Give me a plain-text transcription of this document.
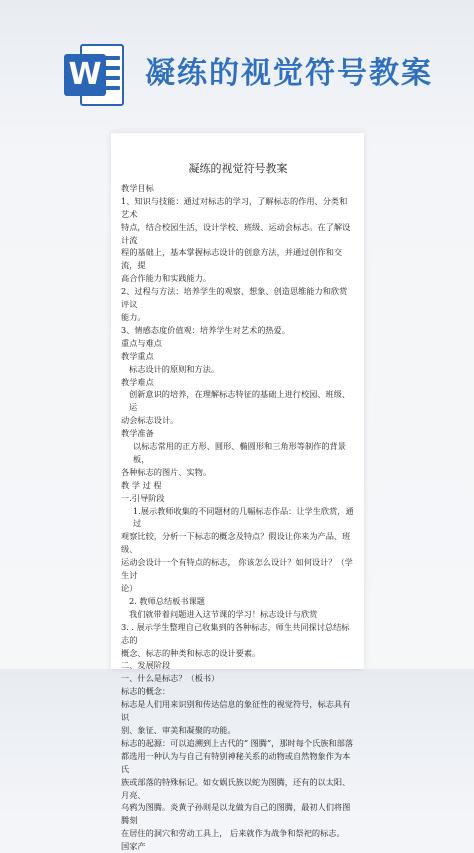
W 凝练的视觉符号教案
凝练的视觉符号教案

教学目标

1、知识与技能：通过对标志的学习，了解标志的作用、分类和艺术

特点，结合校园生活，设计学校、班级、运动会标志。在了解设计流

程的基础上，基本掌握标志设计的创意方法，并通过创作和交流，提

高合作能力和实践能力。

2、过程与方法：培养学生的观察、想象、创造思维能力和欣赏评议

能力。

3、情感态度价值观：培养学生对艺术的热爱。

重点与难点

教学重点

标志设计的原则和方法。

教学难点

创新意识的培养，在理解标志特征的基础上进行校园、班级、运

动会标志设计。

教学准备

以标志常用的正方形、圆形、椭圆形和三角形等制作的背景板，

各种标志的图片、实物。

教 学 过 程

一.引导阶段

1.展示教师收集的不同题材的几幅标志作品：让学生欣赏，通过

观察比较，分析一下标志的概念及特点？假设让你来为产品、班级、

运动会设计一个有特点的标志， 你该怎么设计？如何设计？（学生讨

论）

2. 教师总结板书课题

我们就带着问题进入这节课的学习！标志设计与欣赏

3. . 展示学生整理自己收集到的各种标志，师生共同探讨总结标志的

概念、标志的种类和标志的设计要素。

二、发展阶段

一、什么是标志？（板书）

标志的概念：

标志是人们用来识别和传达信息的象征性的视觉符号，标志具有识

别、象征、审美和凝聚的功能。

标志的起源：可以追溯到上古代的“ 图腾”，那时每个氏族和部落

都选用一种认为与自己有特别神秘关系的动物或自然物象作为本氏

族或部落的特殊标记。如女娲氏族以蛇为图腾，还有的以太阳、月亮、

乌鸦为图腾。炎黄子孙则是以龙做为自己的图腾，最初人们将图腾刻

在居住的洞穴和劳动工具上， 后来就作为战争和祭祀的标志。 国家产
